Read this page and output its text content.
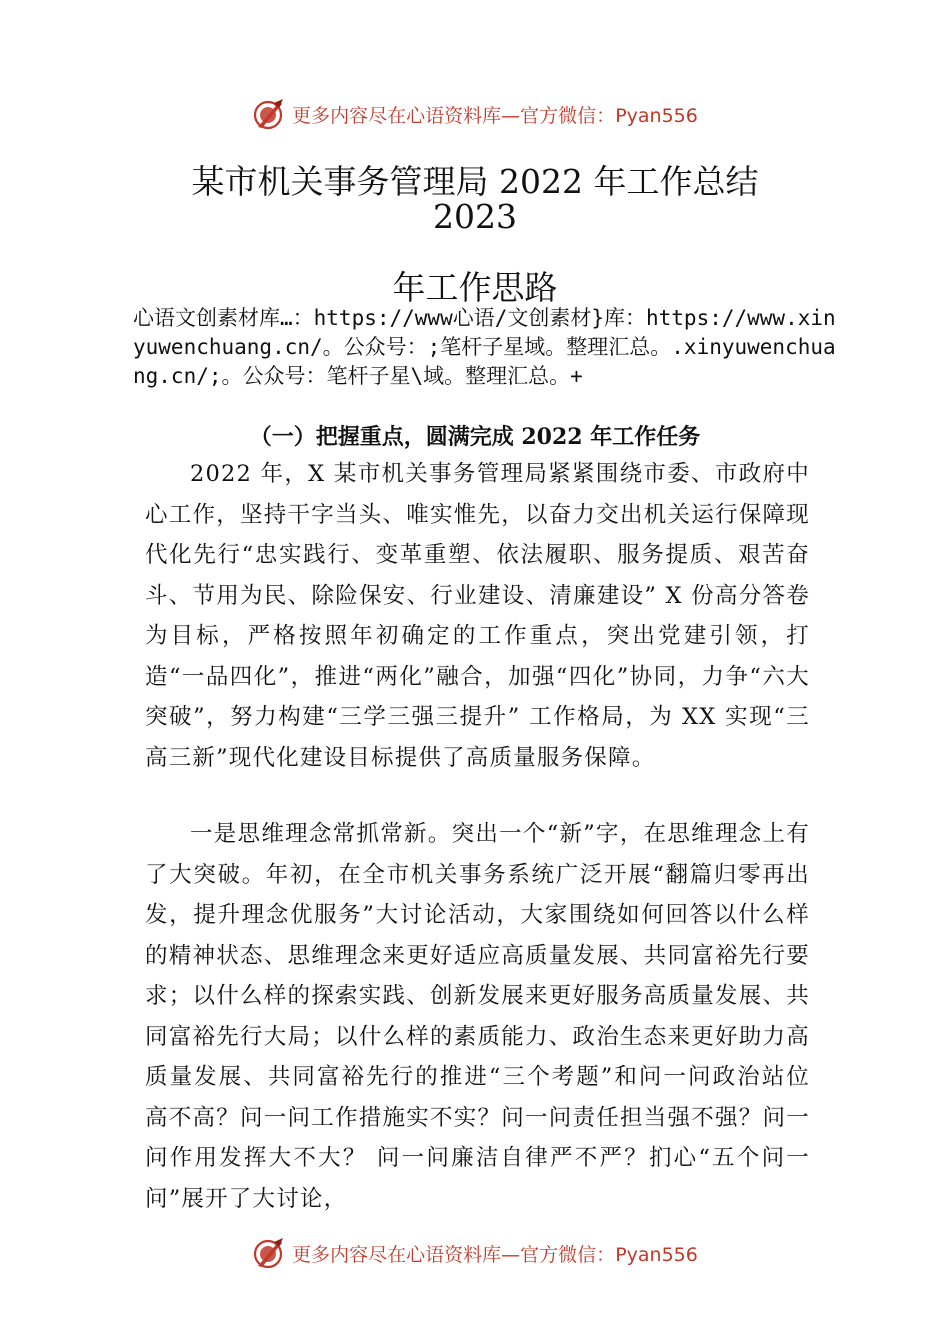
更多内容尽在心语资料库—官方微信：Pyan556
某市机关事务管理局 2022 年工作总结
2023
年工作思路
心语文创素材库…：https://www心语/文创素材}库：https://www.xinyuwenchuang.cn/。公众号：;笔杆子星域。整理汇总。.xinyuwenchuang.cn/;。公众号：笔杆子星\域。整理汇总。+
（一）把握重点，圆满完成 2022 年工作任务
2022 年，X 某市机关事务管理局紧紧围绕市委、市政府中心工作，坚持干字当头、唯实惟先，以奋力交出机关运行保障现代化先行“忠实践行、变革重塑、依法履职、服务提质、艰苦奋斗、节用为民、除险保安、行业建设、清廉建设” X 份高分答卷为目标，严格按照年初确定的工作重点，突出党建引领，打造“一品四化”，推进“两化”融合，加强“四化”协同，力争“六大突破”，努力构建“三学三强三提升” 工作格局，为 XX 实现“三高三新”现代化建设目标提供了高质量服务保障。
一是思维理念常抓常新。突出一个“新”字，在思维理念上有了大突破。年初，在全市机关事务系统广泛开展“翻篇归零再出发，提升理念优服务”大讨论活动，大家围绕如何回答以什么样的精神状态、思维理念来更好适应高质量发展、共同富裕先行要求；以什么样的探索实践、创新发展来更好服务高质量发展、共同富裕先行大局；以什么样的素质能力、政治生态来更好助力高质量发展、共同富裕先行的推进“三个考题”和问一问政治站位高不高？问一问工作措施实不实？问一问责任担当强不强？问一问作用发挥大不大？ 问一问廉洁自律严不严？扪心“五个问一问”展开了大讨论，
更多内容尽在心语资料库—官方微信：Pyan556
